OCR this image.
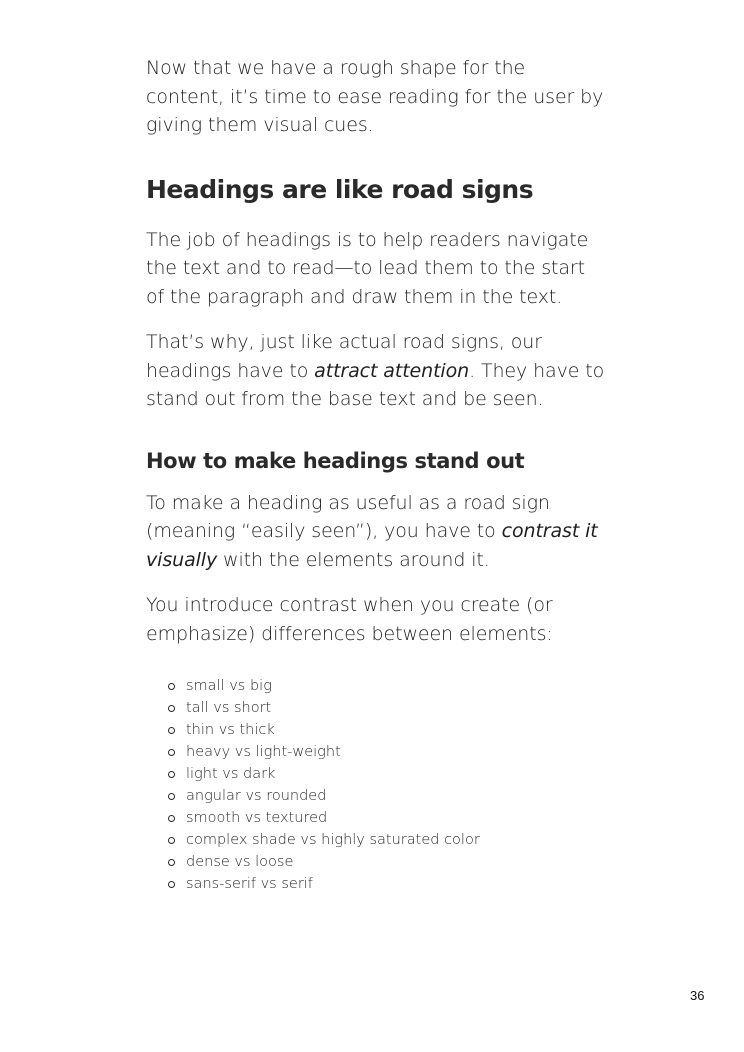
Now that we have a rough shape for the content, it’s time to ease reading for the user by giving them visual cues.

Headings are like road signs

The job of headings is to help readers navigate the text and to read—to lead them to the start of the paragraph and draw them in the text.

That’s why, just like actual road signs, our headings have to attract attention. They have to stand out from the base text and be seen.

How to make headings stand out

To make a heading as useful as a road sign (meaning “easily seen”), you have to contrast it visually with the elements around it.

You introduce contrast when you create (or emphasize) differences between elements:

small vs big
tall vs short
thin vs thick
heavy vs light-weight
light vs dark
angular vs rounded
smooth vs textured
complex shade vs highly saturated color
dense vs loose
sans-serif vs serif
36
